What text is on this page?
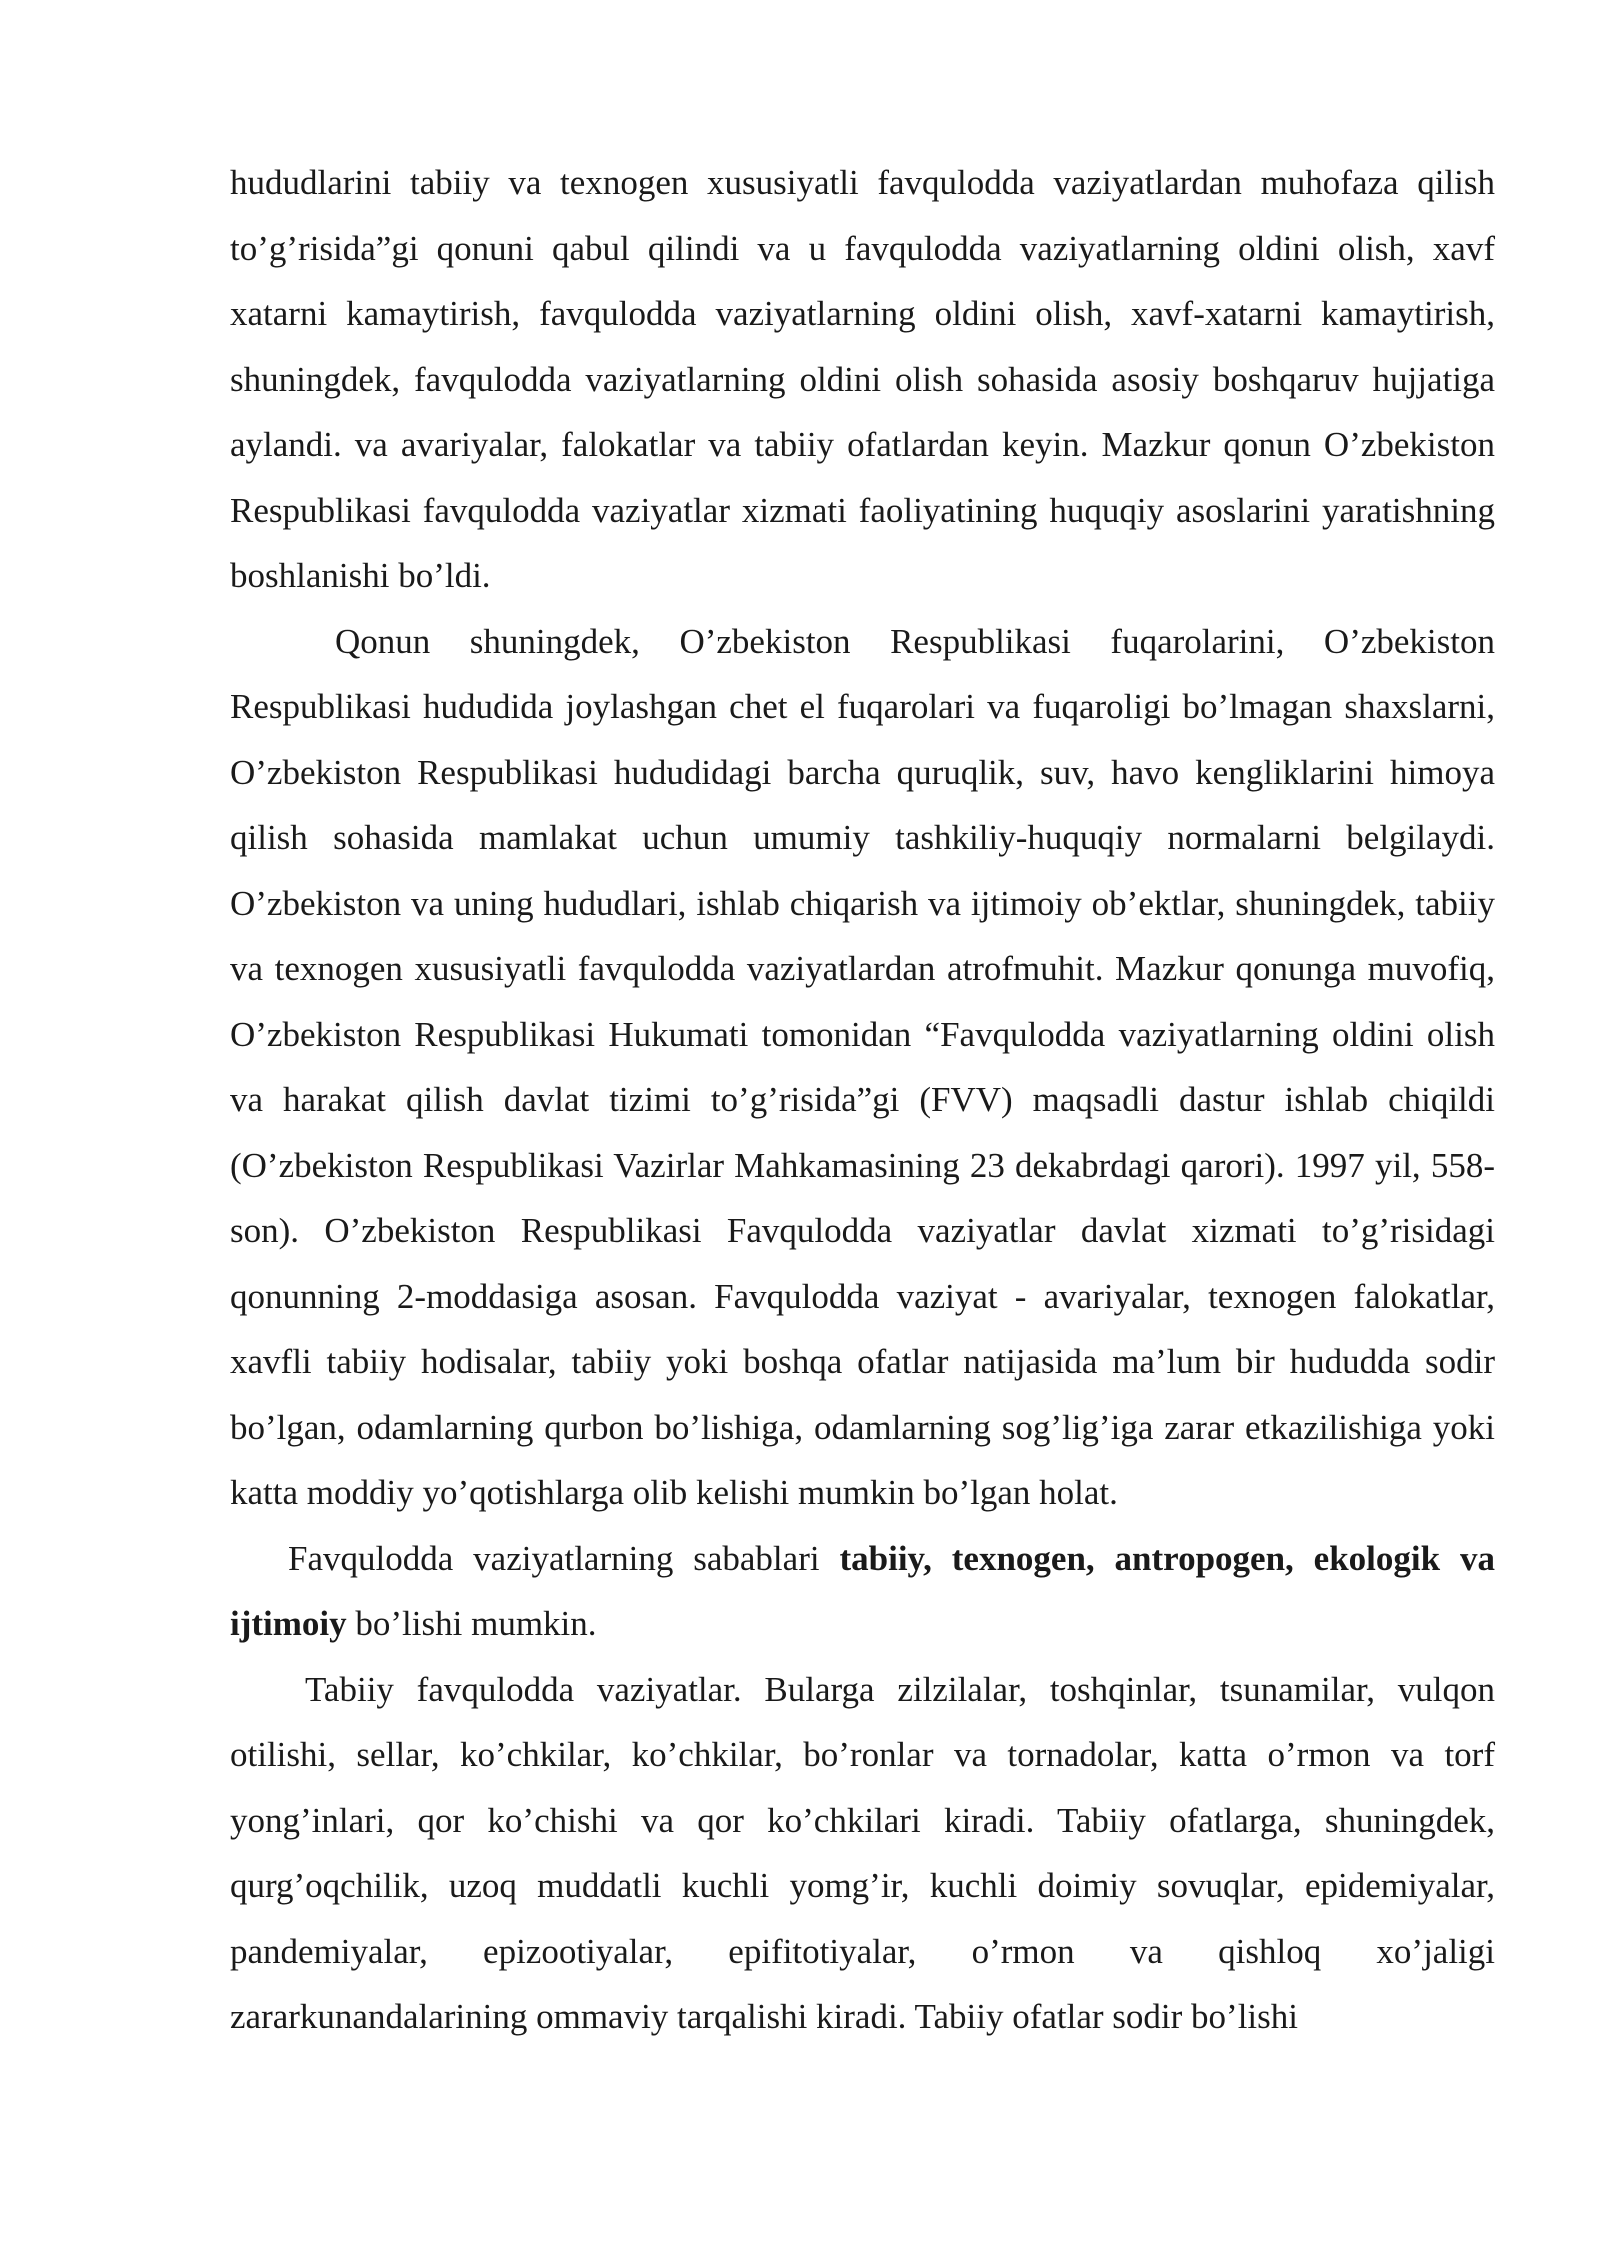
hududlarini tabiiy va texnogen xususiyatli favqulodda vaziyatlardan muhofaza qilish to’g’risida”gi qonuni qabul qilindi va u favqulodda vaziyatlarning oldini olish, xavf xatarni kamaytirish, favqulodda vaziyatlarning oldini olish, xavf-xatarni kamaytirish, shuningdek, favqulodda vaziyatlarning oldini olish sohasida asosiy boshqaruv hujjatiga aylandi. va avariyalar, falokatlar va tabiiy ofatlardan keyin. Mazkur qonun O’zbekiston Respublikasi favqulodda vaziyatlar xizmati faoliyatining huquqiy asoslarini yaratishning boshlanishi bo’ldi.

Qonun shuningdek, O’zbekiston Respublikasi fuqarolarini, O’zbekiston Respublikasi hududida joylashgan chet el fuqarolari va fuqaroligi bo’lmagan shaxslarni, O’zbekiston Respublikasi hududidagi barcha quruqlik, suv, havo kengliklarini himoya qilish sohasida mamlakat uchun umumiy tashkiliy-huquqiy normalarni belgilaydi. O’zbekiston va uning hududlari, ishlab chiqarish va ijtimoiy ob’ektlar, shuningdek, tabiiy va texnogen xususiyatli favqulodda vaziyatlardan atrofmuhit. Mazkur qonunga muvofiq, O’zbekiston Respublikasi Hukumati tomonidan “Favqulodda vaziyatlarning oldini olish va harakat qilish davlat tizimi to’g’risida”gi (FVV) maqsadli dastur ishlab chiqildi (O’zbekiston Respublikasi Vazirlar Mahkamasining 23 dekabrdagi qarori). 1997 yil, 558-son). O’zbekiston Respublikasi Favqulodda vaziyatlar davlat xizmati to’g’risidagi qonunning 2-moddasiga asosan. Favqulodda vaziyat - avariyalar, texnogen falokatlar, xavfli tabiiy hodisalar, tabiiy yoki boshqa ofatlar natijasida ma’lum bir hududda sodir bo’lgan, odamlarning qurbon bo’lishiga, odamlarning sog’lig’iga zarar etkazilishiga yoki katta moddiy yo’qotishlarga olib kelishi mumkin bo’lgan holat.

Favqulodda vaziyatlarning sabablari tabiiy, texnogen, antropogen, ekologik va ijtimoiy bo’lishi mumkin.

Tabiiy favqulodda vaziyatlar. Bularga zilzilalar, toshqinlar, tsunamilar, vulqon otilishi, sellar, ko’chkilar, ko’chkilar, bo’ronlar va tornadolar, katta o’rmon va torf yong’inlari, qor ko’chishi va qor ko’chkilari kiradi. Tabiiy ofatlarga, shuningdek, qurg’oqchilik, uzoq muddatli kuchli yomg’ir, kuchli doimiy sovuqlar, epidemiyalar, pandemiyalar, epizootiyalar, epifitotiyalar, o’rmon va qishloq xo’jaligi zararkunandalarining ommaviy tarqalishi kiradi. Tabiiy ofatlar sodir bo’lishi
